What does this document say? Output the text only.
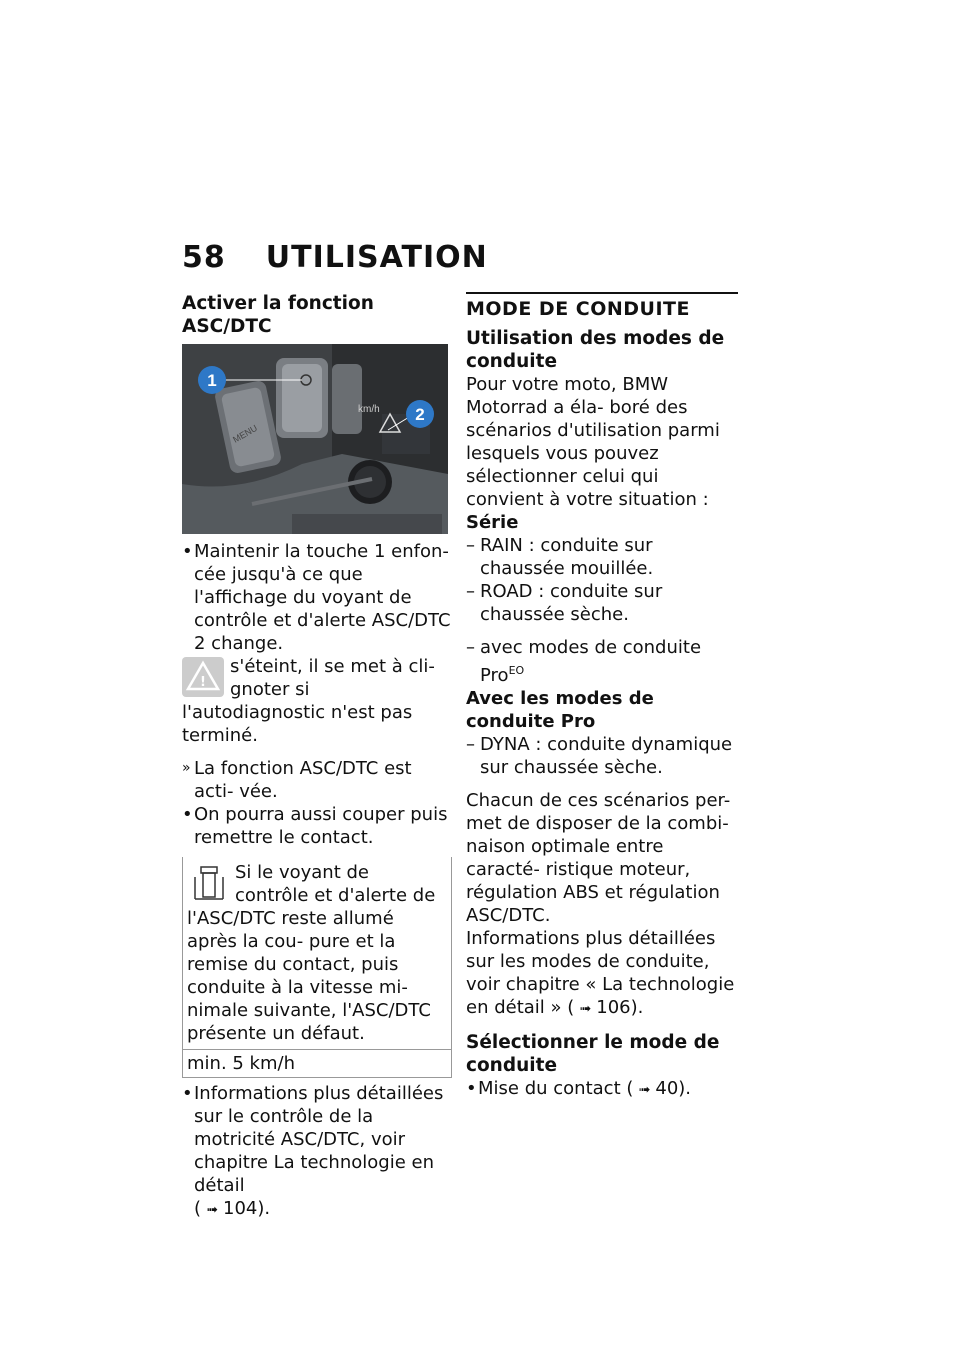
58 UTILISATION
Activer la fonction ASC/DTC
1
2
MENU
km/h

• Maintenir la touche 1 enfon- cée jusqu'à ce que l'affichage du voyant de contrôle et d'alerte ASC/DTC 2 change.

!

s'éteint, il se met à cli- gnoter si l'autodiagnostic n'est pas terminé.

» La fonction ASC/DTC est acti- vée.

• On pourra aussi couper puis remettre le contact.

Si le voyant de contrôle et d'alerte de l'ASC/DTC reste allumé après la cou- pure et la remise du contact, puis conduite à la vitesse mi- nimale suivante, l'ASC/DTC présente un défaut.

min. 5 km/h

• Informations plus détaillées sur le contrôle de la motricité ASC/DTC, voir chapitre La technologie en détail
( ➟ 104).

MODE DE CONDUITE
Utilisation des modes de conduite

Pour votre moto, BMW Motorrad a éla- boré des scénarios d'utilisation parmi lesquels vous pouvez sélectionner celui qui convient à votre situation :

Série

– RAIN : conduite sur chaussée mouillée.

– ROAD : conduite sur chaussée sèche.

– avec modes de conduite Pro$^{EO}$

Avec les modes de conduite Pro

– DYNA : conduite dynamique sur chaussée sèche.

Chacun de ces scénarios per- met de disposer de la combi- naison optimale entre caracté- ristique moteur, régulation ABS et régulation ASC/DTC.

Informations plus détaillées sur les modes de conduite, voir chapitre « La technologie en détail » ( ➟ 106).

Sélectionner le mode de conduite

• Mise du contact ( ➟ 40).
